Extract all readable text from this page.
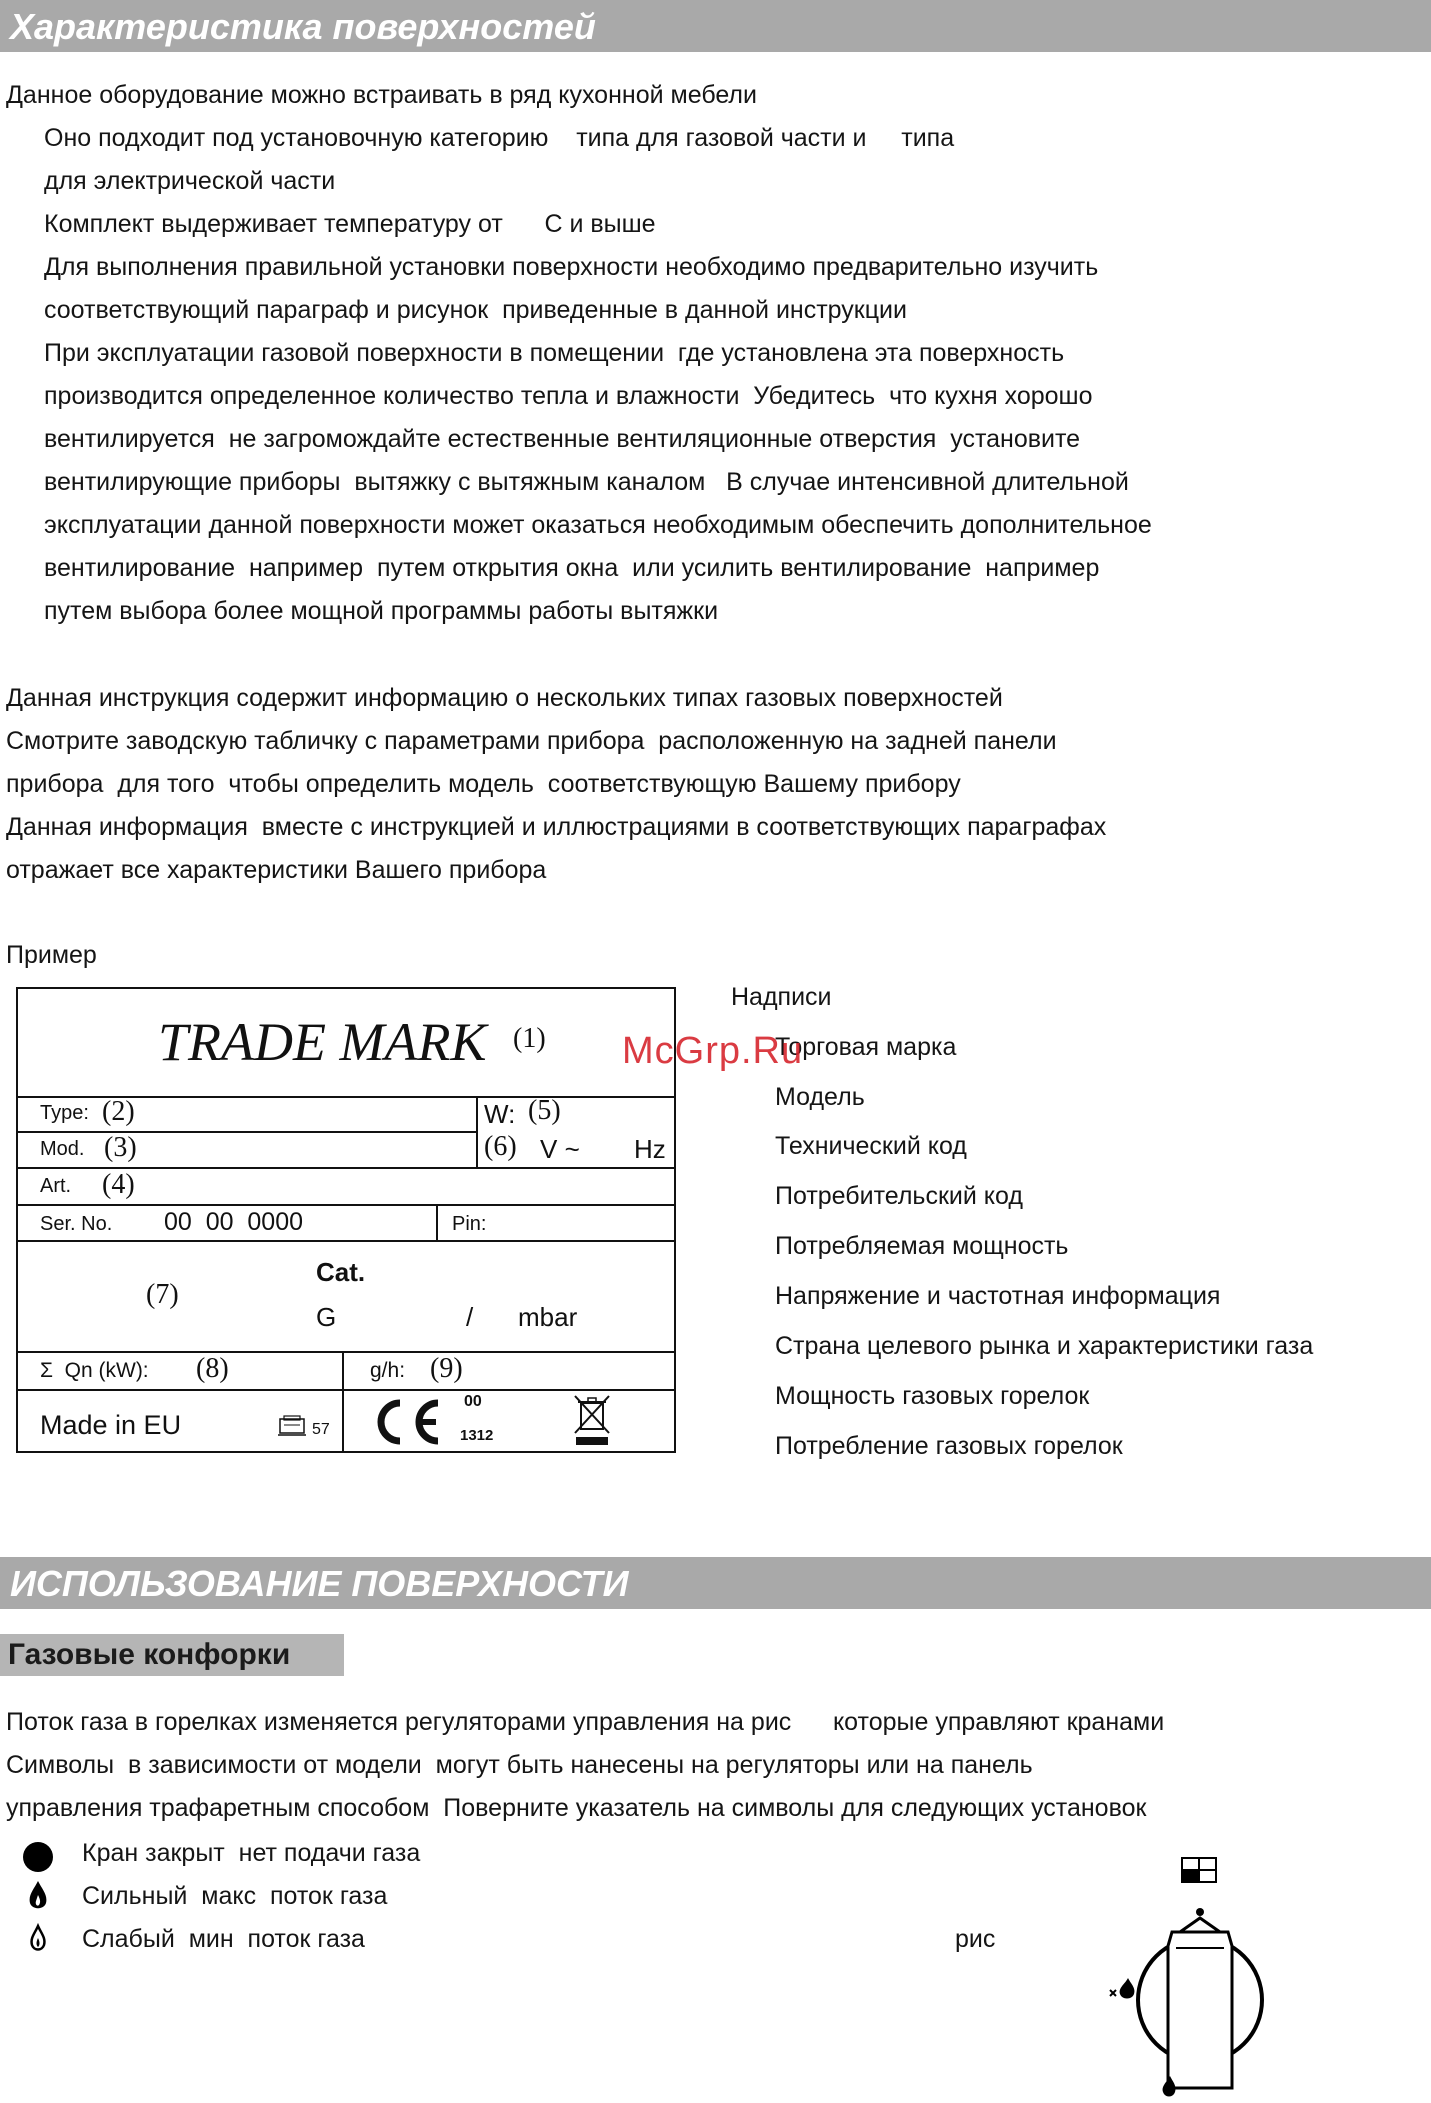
Характеристика поверхностей
Данное оборудование можно встраивать в ряд кухонной мебели
Оно подходит под установочную категорию    типа для газовой части и     типа
для электрической части
Комплект выдерживает температуру от      С и выше
Для выполнения правильной установки поверхности необходимо предварительно изучить
соответствующий параграф и рисунок  приведенные в данной инструкции
При эксплуатации газовой поверхности в помещении  где установлена эта поверхность
производится определенное количество тепла и влажности  Убедитесь  что кухня хорошо
вентилируется  не загромождайте естественные вентиляционные отверстия  установите
вентилирующие приборы  вытяжку с вытяжным каналом   В случае интенсивной длительной
эксплуатации данной поверхности может оказаться необходимым обеспечить дополнительное
вентилирование  например  путем открытия окна  или усилить вентилирование  например
путем выбора более мощной программы работы вытяжки
Данная инструкция содержит информацию о нескольких типах газовых поверхностей
Смотрите заводскую табличку с параметрами прибора  расположенную на задней панели
прибора  для того  чтобы определить модель  соответствующую Вашему прибору
Данная информация  вместе с инструкцией и иллюстрациями в соответствующих параграфах
отражает все характеристики Вашего прибора
Пример
TRADE MARK (1)
Type: (2)
Mod. (3)
Art. (4)
W: (5)
(6) V ~ Hz
Ser. No. 00  00  0000	Pin:
(7)
Cat.
G	/ mbar
Σ  Qn (kW): (8)	g/h: (9)
Made in EU	57
00
1312
Надписи
Торговая марка
Модель
Технический код
Потребительский код
Потребляемая мощность
Напряжение и частотная информация
Страна целевого рынка и характеристики газа
Мощность газовых горелок
Потребление газовых горелок
McGrp.Ru
ИСПОЛЬЗОВАНИЕ ПОВЕРХНОСТИ
Газовые конфорки
Поток газа в горелках изменяется регуляторами управления на рис      которые управляют кранами
Символы  в зависимости от модели  могут быть нанесены на регуляторы или на панель
управления трафаретным способом  Поверните указатель на символы для следующих установок
Кран закрыт  нет подачи газа
Сильный  макс  поток газа
Слабый  мин  поток газа	рис
